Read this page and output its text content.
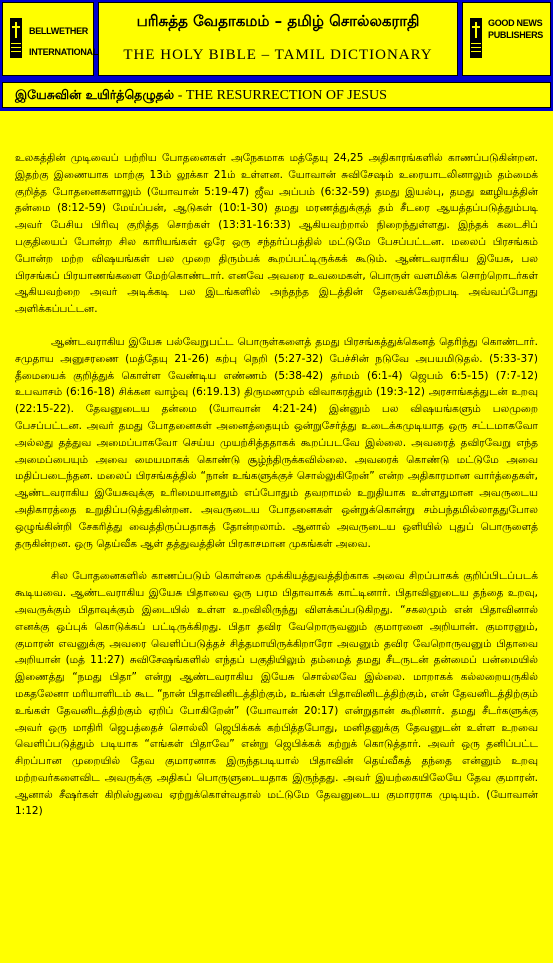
BELLWETHER
INTERNATIONAL
பரிசுத்த வேதாகமம் – தமிழ் சொல்லகராதி
THE HOLY BIBLE – TAMIL DICTIONARY
GOOD NEWS
PUBLISHERS
இயேசுவின் உயிர்த்தெழுதல் - THE RESURRECTION OF JESUS

உலகத்தின் முடிவைப் பற்றிய போதனைகள் அநேகமாக மத்தேயு 24,25 அதிகாரங்களில் காணப்படுகின்றன. இதற்கு இணையாக மாற்கு 13ம் லூக்கா 21ம் உள்ளன. யோவான் சுவிசேஷம் உரையாடலினாலும் தம்மைக் குறித்த போதனைகளாலும் (யோவான் 5:19-47) ஜீவ அப்பம் (6:32-59) தமது இயல்பு, தமது ஊழியத்தின் தன்மை (8:12-59) மேய்ப்பன், ஆடுகள் (10:1-30) தமது மரணத்துக்குத் தம் சீடரை ஆயத்தப்படுத்தும்படி அவர் பேசிய பிரிவு குறித்த சொற்கள் (13:31-16:33) ஆகியவற்றால் நிறைந்துள்ளது. இந்தக் கடைசிப் பகுதியைப் போன்ற சில காரியங்கள் ஒரே ஒரு சந்தர்ப்பத்தில் மட்டுமே பேசப்பட்டன. மலைப் பிரசங்கம் போன்ற மற்ற விஷயங்கள் பல முறை திரும்பக் கூறப்பட்டிருக்கக் கூடும். ஆண்டவராகிய இயேசு, பல பிரசங்கப் பிரயாணங்களை மேற்கொண்டார். எனவே அவரை உவமைகள், பொருள் வளமிக்க சொற்றொடர்கள் ஆகியவற்றை அவர் அடிக்கடி பல இடங்களில் அந்தந்த இடத்தின் தேவைக்கேற்றபடி அவ்வப்போது அளிக்கப்பட்டன.

ஆண்டவராகிய இயேசு பல்வேறுபட்ட பொருள்களைத் தமது பிரசங்கத்துக்கெனத் தெரிந்து கொண்டார். சமுதாய அனுசரணை (மத்தேயு 21-26) கற்பு நெறி (5:27-32) பேச்சின் நடுவே அபயமிடுதல். (5:33-37) தீமையைக் குறித்துக் கொள்ள வேண்டிய எண்ணம் (5:38-42) தர்மம் (6:1-4) ஜெபம் 6:5-15) (7:7-12) உபவாசம் (6:16-18) சிக்கன வாழ்வு (6:19.13) திருமணமும் விவாகரத்தும் (19:3-12) அரசாங்கத்துடன் உறவு (22:15-22). தேவனுடைய தன்மை (யோவான் 4:21-24) இன்னும் பல விஷயங்களும் பலமுறை பேசப்பட்டன. அவர் தமது போதனைகள் அனைத்தையும் ஒன்றுசேர்த்து உடைக்கமுடியாத ஒரு சட்டமாகவோ அல்லது தத்துவ அமைப்பாகவோ செய்ய முயற்சித்ததாகக் கூறப்படவே இல்லை. அவரைத் தவிரவேறு எந்த அமைப்பையும் அவை மையமாகக் கொண்டு சூழ்ந்திருக்கவில்லை. அவரைக் கொண்டு மட்டுமே அவை மதிப்படைந்தன. மலைப் பிரசங்கத்தில் “நான் உங்களுக்குச் சொல்லுகிறேன்” என்ற அதிகாரமான வார்த்தைகள், ஆண்டவராகிய இயேசுவுக்கு உரிமையானதும் எப்போதும் தவறாமல் உறுதியாக உள்ளதுமான அவருடைய அதிகாரத்தை உறுதிப்படுத்துகின்றன. அவருடைய போதனைகள் ஒன்றுக்கொன்று சம்பந்தமில்லாததுபோல ஒழுங்கின்றி சேகரித்து வைத்திருப்பதாகத் தோன்றலாம். ஆனால் அவருடைய ஒளியில் புதுப் பொருளைத் தருகின்றன. ஒரு தெய்வீக ஆள் தத்துவத்தின் பிரகாசமான முகங்கள் அவை.

சில போதனைகளில் காணப்படும் கொள்கை முக்கியத்துவத்திற்காக அவை சிறப்பாகக் குறிப்பிடப்படக் கூடியவை. ஆண்டவராகிய இயேசு பிதாவை ஒரு பரம பிதாவாகக் காட்டினார். பிதாவினுடைய தந்தை உறவு, அவருக்கும் பிதாவுக்கும் இடையில் உள்ள உறவிலிருந்து விளக்கப்படுகிறது. “சகலமும் என் பிதாவினால் எனக்கு ஒப்புக் கொடுக்கப் பட்டிருக்கிறது. பிதா தவிர வேறொருவனும் குமாரனை அறியான். குமாரனும், குமாரன் எவனுக்கு அவரை வெளிப்படுத்தச் சித்தமாயிருக்கிறாரோ அவனும் தவிர வேறொருவனும் பிதாவை அறியான் (மத் 11:27) சுவிசேஷங்களில் எந்தப் பகுதியிலும் தம்மைத் தமது சீடருடன் தன்மைப் பன்மையில் இணைத்து “நமது பிதா” என்று ஆண்டவராகிய இயேசு சொல்லவே இல்லை. மாறாகக் கல்லறையருகில் மகதலேனா மரியாளிடம் கூட “நான் பிதாவினிடத்திற்கும், உங்கள் பிதாவினிடத்திற்கும், என் தேவனிடத்திற்கும் உங்கள் தேவனிடத்திற்கும் ஏறிப் போகிறேன்” (யோவான் 20:17) என்றுதான் கூறினார். தமது சீடர்களுக்கு அவர் ஒரு மாதிரி ஜெபத்தைச் சொல்லி ஜெபிக்கக் கற்பித்தபோது, மனிதனுக்கு தேவனுடன் உள்ள உறவை வெளிப்படுத்தும் படியாக “எங்கள் பிதாவே” என்று ஜெபிக்கக் கற்றுக் கொடுத்தார். அவர் ஒரு தனிப்பட்ட சிறப்பான முறையில் தேவ குமாரனாக இருந்தபடியால் பிதாவின் தெய்வீகத் தந்தை என்னும் உறவு மற்றவர்களைவிட அவருக்கு அதிகப் பொருளுடையதாக இருந்தது. அவர் இயற்கையிலேயே தேவ குமாரன். ஆனால் சீஷர்கள் கிறிஸ்துவை ஏற்றுக்கொள்வதால் மட்டுமே தேவனுடைய குமாரராக முடியும். (யோவான் 1:12)
